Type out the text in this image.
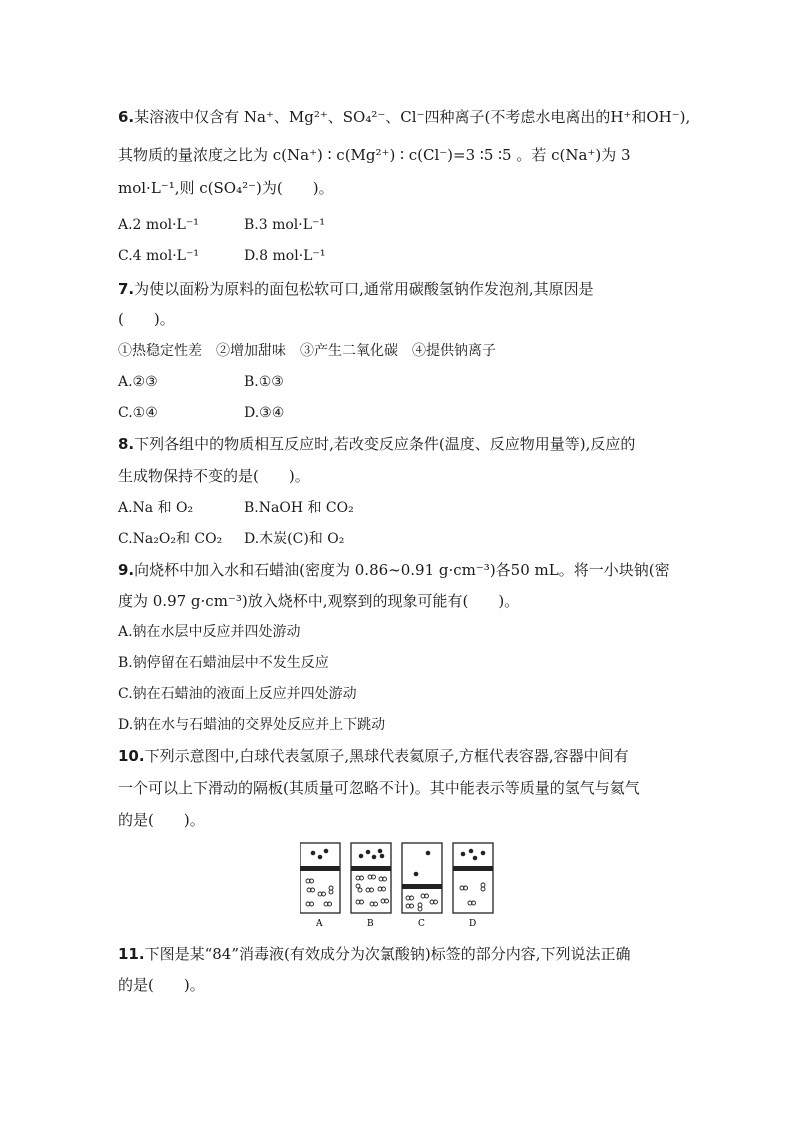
6.某溶液中仅含有 Na⁺、Mg²⁺、SO₄²⁻、Cl⁻四种离子(不考虑水电离出的H⁺和OH⁻),
其物质的量浓度之比为 c(Na⁺) ∶ c(Mg²⁺) ∶ c(Cl⁻)=3 ∶5 ∶5 。若 c(Na⁺)为 3
mol·L⁻¹,则 c(SO₄²⁻)为(　　)。
A.2 mol·L⁻¹	B.3 mol·L⁻¹
C.4 mol·L⁻¹	D.8 mol·L⁻¹
7.为使以面粉为原料的面包松软可口,通常用碳酸氢钠作发泡剂,其原因是
(　　)。
①热稳定性差　②增加甜味　③产生二氧化碳　④提供钠离子
A.②③	B.①③
C.①④	D.③④
8.下列各组中的物质相互反应时,若改变反应条件(温度、反应物用量等),反应的
生成物保持不变的是(　　)。
A.Na 和 O₂	B.NaOH 和 CO₂
C.Na₂O₂和 CO₂ D.木炭(C)和 O₂
9.向烧杯中加入水和石蜡油(密度为 0.86~0.91 g·cm⁻³)各50 mL。将一小块钠(密
度为 0.97 g·cm⁻³)放入烧杯中,观察到的现象可能有(　　)。
A.钠在水层中反应并四处游动
B.钠停留在石蜡油层中不发生反应
C.钠在石蜡油的液面上反应并四处游动
D.钠在水与石蜡油的交界处反应并上下跳动
10.下列示意图中,白球代表氢原子,黑球代表氦原子,方框代表容器,容器中间有
一个可以上下滑动的隔板(其质量可忽略不计)。其中能表示等质量的氢气与氦气
的是(　　)。
A	B	C	D
11.下图是某“84”消毒液(有效成分为次氯酸钠)标签的部分内容,下列说法正确
的是(　　)。
